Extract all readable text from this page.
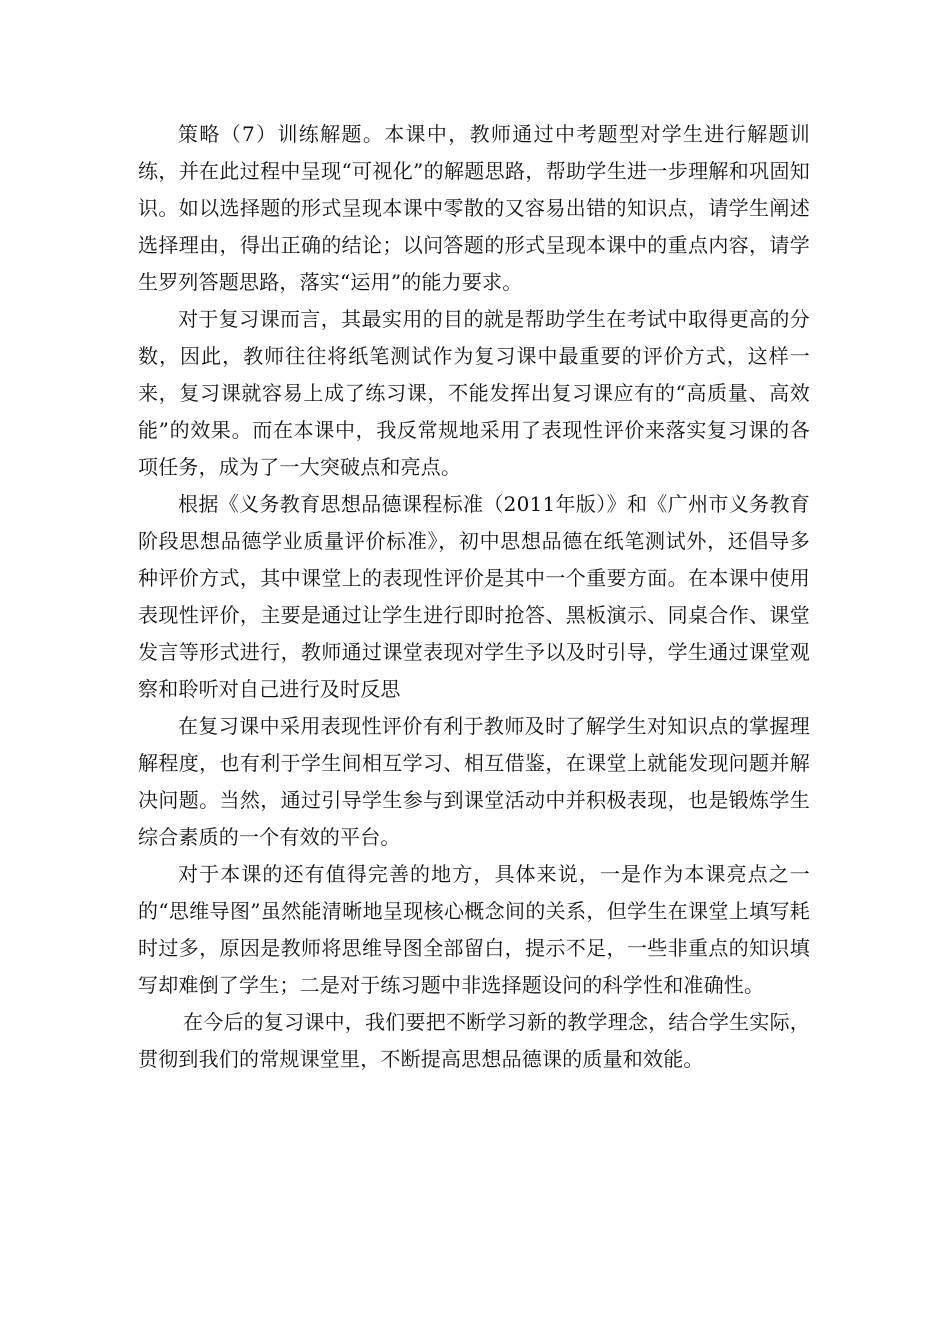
策略（7）训练解题。本课中，教师通过中考题型对学生进行解题训练，并在此过程中呈现“可视化”的解题思路，帮助学生进一步理解和巩固知识。如以选择题的形式呈现本课中零散的又容易出错的知识点，请学生阐述选择理由，得出正确的结论；以问答题的形式呈现本课中的重点内容，请学生罗列答题思路，落实“运用”的能力要求。

对于复习课而言，其最实用的目的就是帮助学生在考试中取得更高的分数，因此，教师往往将纸笔测试作为复习课中最重要的评价方式，这样一来，复习课就容易上成了练习课，不能发挥出复习课应有的“高质量、高效能”的效果。而在本课中，我反常规地采用了表现性评价来落实复习课的各项任务，成为了一大突破点和亮点。

根据《义务教育思想品德课程标准（2011年版）》和《广州市义务教育阶段思想品德学业质量评价标准》，初中思想品德在纸笔测试外，还倡导多种评价方式，其中课堂上的表现性评价是其中一个重要方面。在本课中使用表现性评价，主要是通过让学生进行即时抢答、黑板演示、同桌合作、课堂发言等形式进行，教师通过课堂表现对学生予以及时引导，学生通过课堂观察和聆听对自己进行及时反思

在复习课中采用表现性评价有利于教师及时了解学生对知识点的掌握理解程度，也有利于学生间相互学习、相互借鉴，在课堂上就能发现问题并解决问题。当然，通过引导学生参与到课堂活动中并积极表现，也是锻炼学生综合素质的一个有效的平台。

对于本课的还有值得完善的地方，具体来说，一是作为本课亮点之一的“思维导图”虽然能清晰地呈现核心概念间的关系，但学生在课堂上填写耗时过多，原因是教师将思维导图全部留白，提示不足，一些非重点的知识填写却难倒了学生；二是对于练习题中非选择题设问的科学性和准确性。

在今后的复习课中，我们要把不断学习新的教学理念，结合学生实际，贯彻到我们的常规课堂里，不断提高思想品德课的质量和效能。
